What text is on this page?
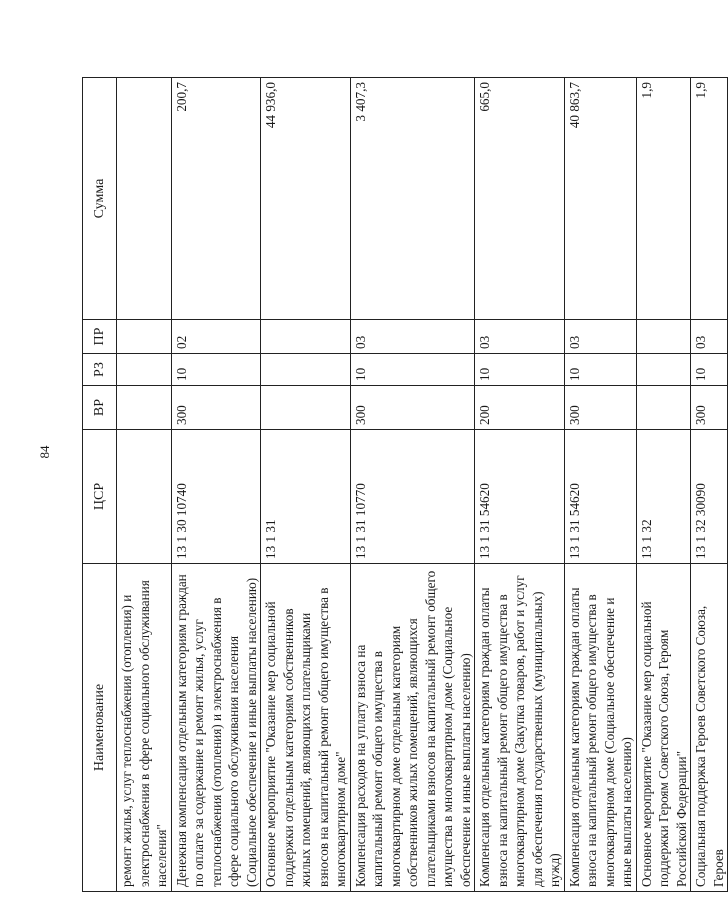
84
Наименование	ЦСР	ВР	РЗ	ПР	Сумма
ремонт жилья, услуг теплоснабжения (отопления) и электроснабжения в сфере социального обслуживания населения"					
Денежная компенсация отдельным категориям граждан по оплате за содержание и ремонт жилья, услуг теплоснабжения (отопления) и электроснабжения в сфере социального обслуживания населения (Социальное обеспечение и иные выплаты населению)	13 1 30 10740	300	10	02	200,7
Основное мероприятие "Оказание мер социальной поддержки отдельным категориям собственников жилых помещений, являющихся плательщиками взносов на капитальный ремонт общего имущества в многоквартирном доме"	13 1 31				44 936,0
Компенсация расходов на уплату взноса на капитальный ремонт общего имущества в многоквартирном доме отдельным категориям собственников жилых помещений, являющихся плательщиками взносов на капитальный ремонт общего имущества в многоквартирном доме (Социальное обеспечение и иные выплаты населению)	13 1 31 10770	300	10	03	3 407,3
Компенсация отдельным категориям граждан оплаты взноса на капитальный ремонт общего имущества в многоквартирном доме (Закупка товаров, работ и услуг для обеспечения государственных (муниципальных) нужд)	13 1 31 54620	200	10	03	665,0
Компенсация отдельным категориям граждан оплаты взноса на капитальный ремонт общего имущества в многоквартирном доме (Социальное обеспечение и иные выплаты населению)	13 1 31 54620	300	10	03	40 863,7
Основное мероприятие "Оказание мер социальной поддержки Героям Советского Союза, Героям Российской Федерации"	13 1 32				1,9
Социальная поддержка Героев Советского Союза, Героев	13 1 32 30090	300	10	03	1,9
